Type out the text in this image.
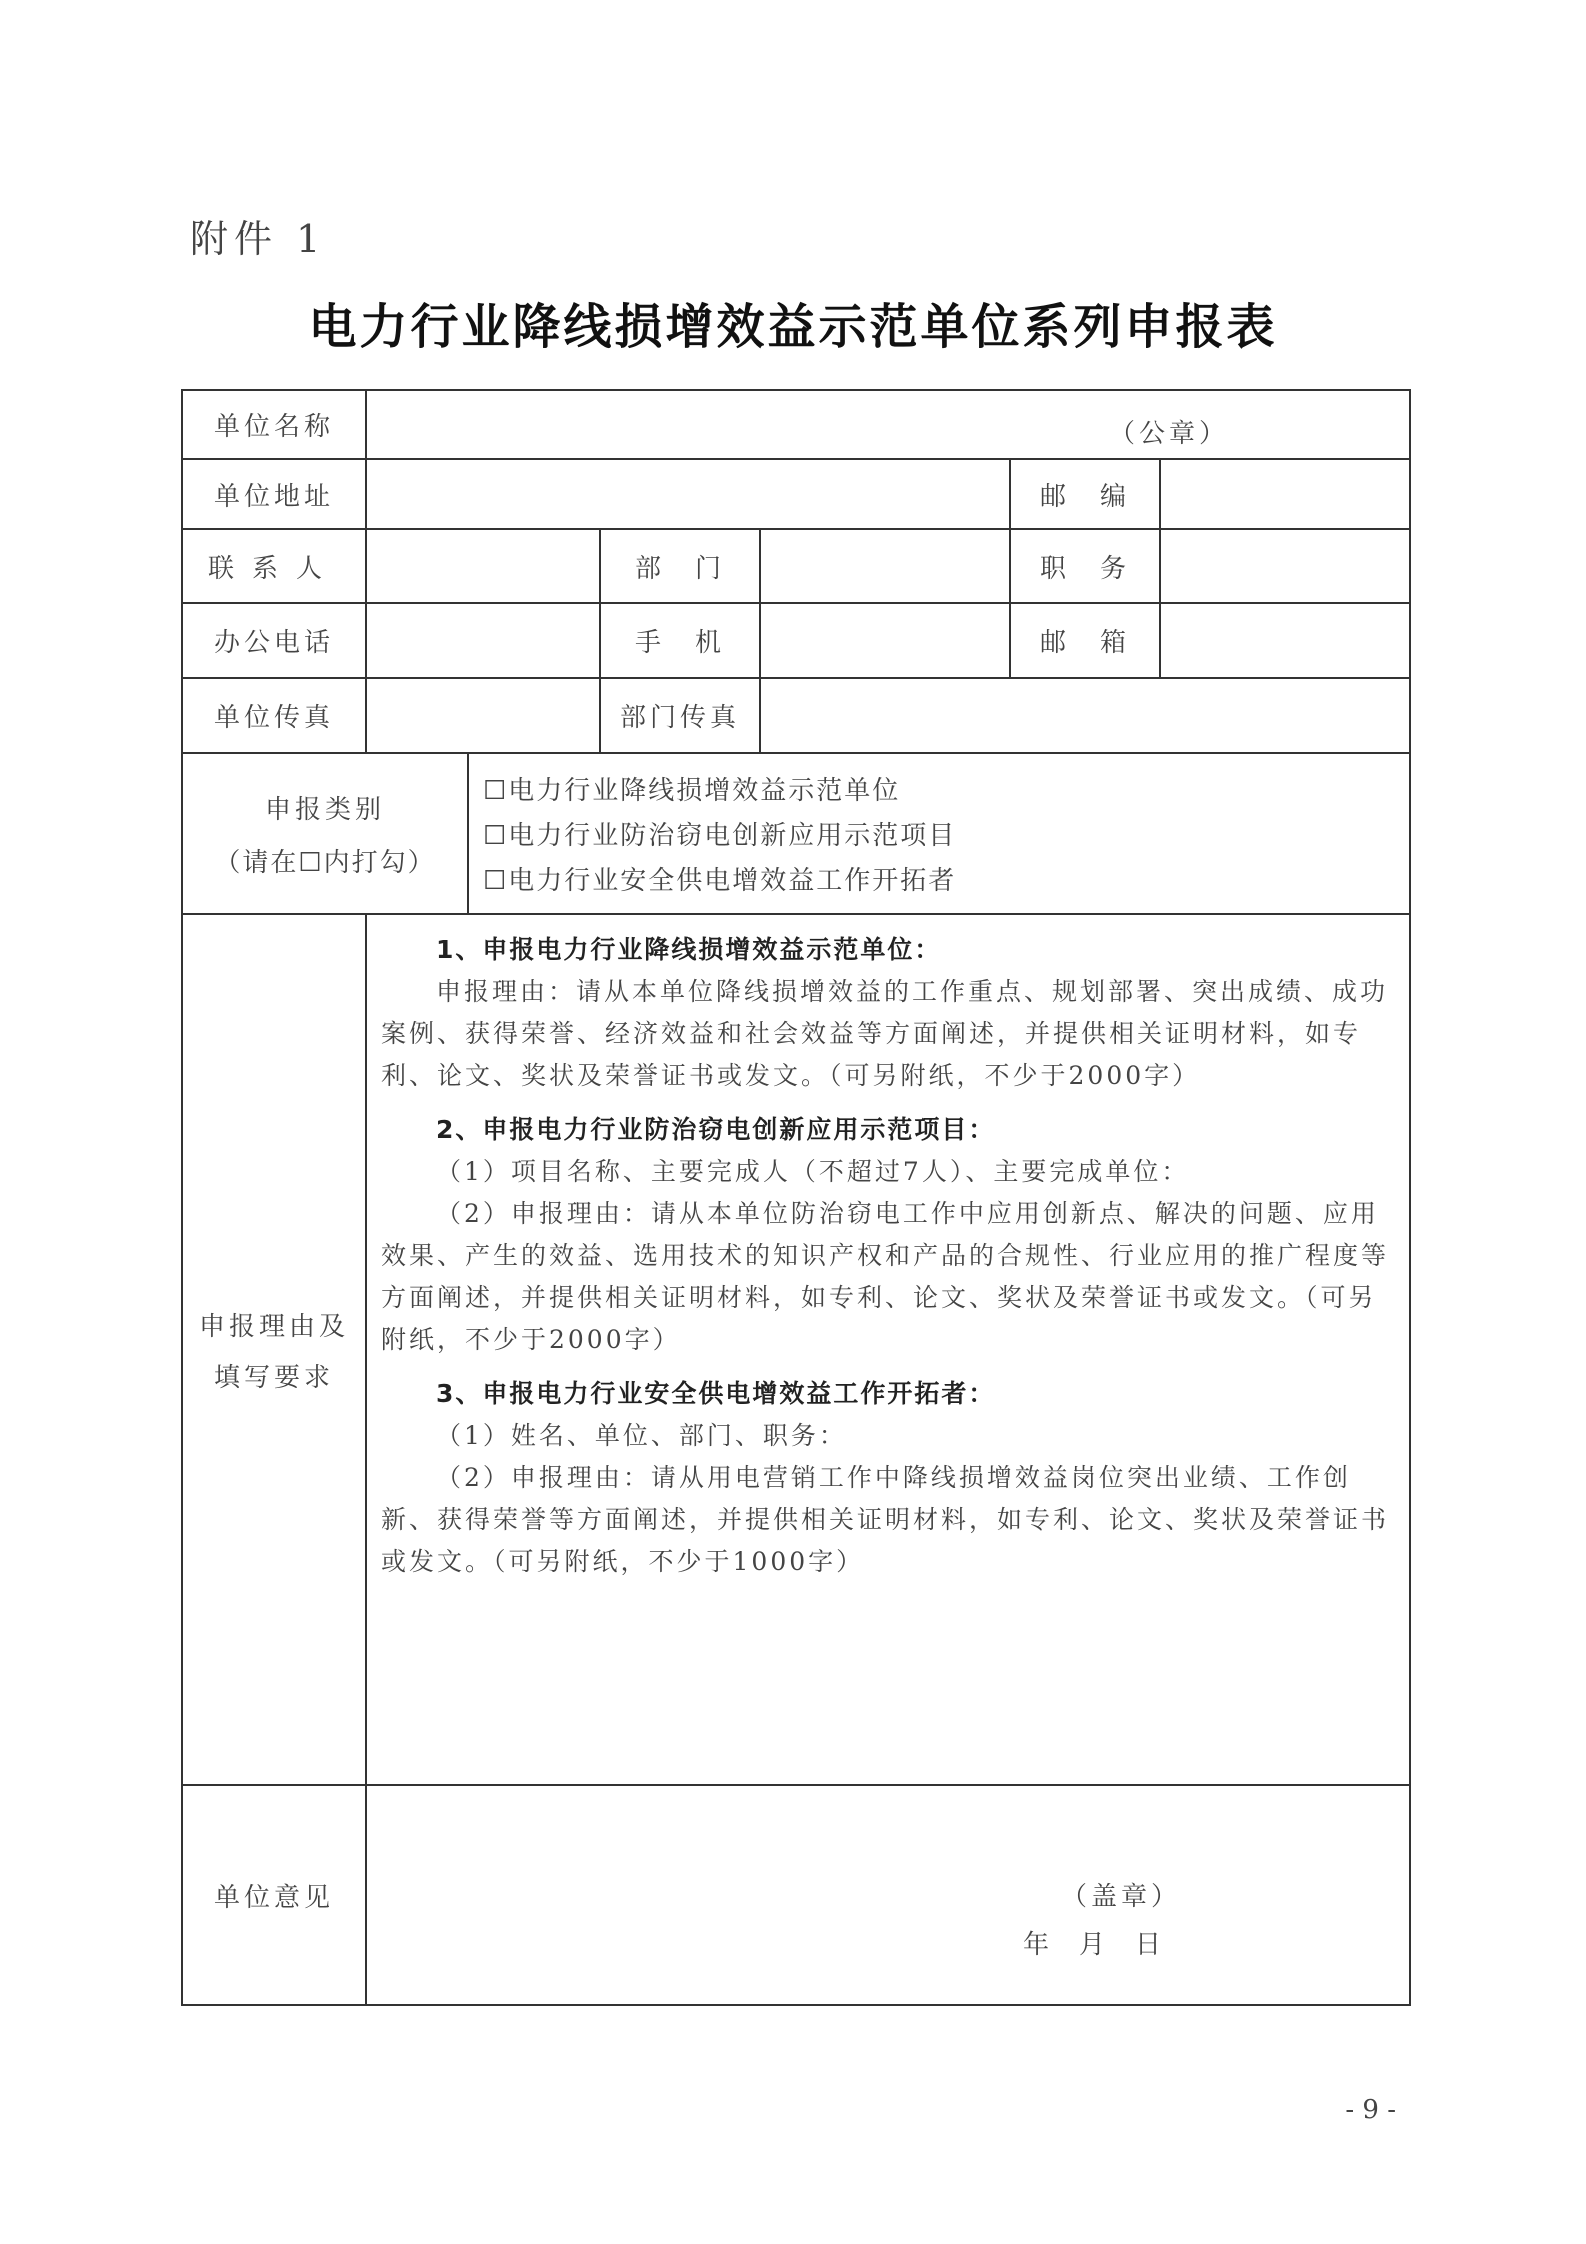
附件 1
电力行业降线损增效益示范单位系列申报表
单位名称	（公章）
单位地址	邮　编
联系人	部　门	职　务
办公电话	手　机	邮　箱
单位传真	部门传真
申报类别
（请在☐内打勾）
☐电力行业降线损增效益示范单位
☐电力行业防治窃电创新应用示范项目
☐电力行业安全供电增效益工作开拓者
申报理由及
填写要求
1、申报电力行业降线损增效益示范单位：
申报理由：请从本单位降线损增效益的工作重点、规划部署、突出成绩、成功案例、获得荣誉、经济效益和社会效益等方面阐述，并提供相关证明材料，如专利、论文、奖状及荣誉证书或发文。（可另附纸，不少于2000字）
2、申报电力行业防治窃电创新应用示范项目：
（1）项目名称、主要完成人（不超过7人）、主要完成单位：
（2）申报理由：请从本单位防治窃电工作中应用创新点、解决的问题、应用效果、产生的效益、选用技术的知识产权和产品的合规性、行业应用的推广程度等方面阐述，并提供相关证明材料，如专利、论文、奖状及荣誉证书或发文。（可另附纸，不少于2000字）
3、申报电力行业安全供电增效益工作开拓者：
（1）姓名、单位、部门、职务：
（2）申报理由：请从用电营销工作中降线损增效益岗位突出业绩、工作创新、获得荣誉等方面阐述，并提供相关证明材料，如专利、论文、奖状及荣誉证书或发文。（可另附纸，不少于1000字）
单位意见	（盖章）
年月日
- 9 -
